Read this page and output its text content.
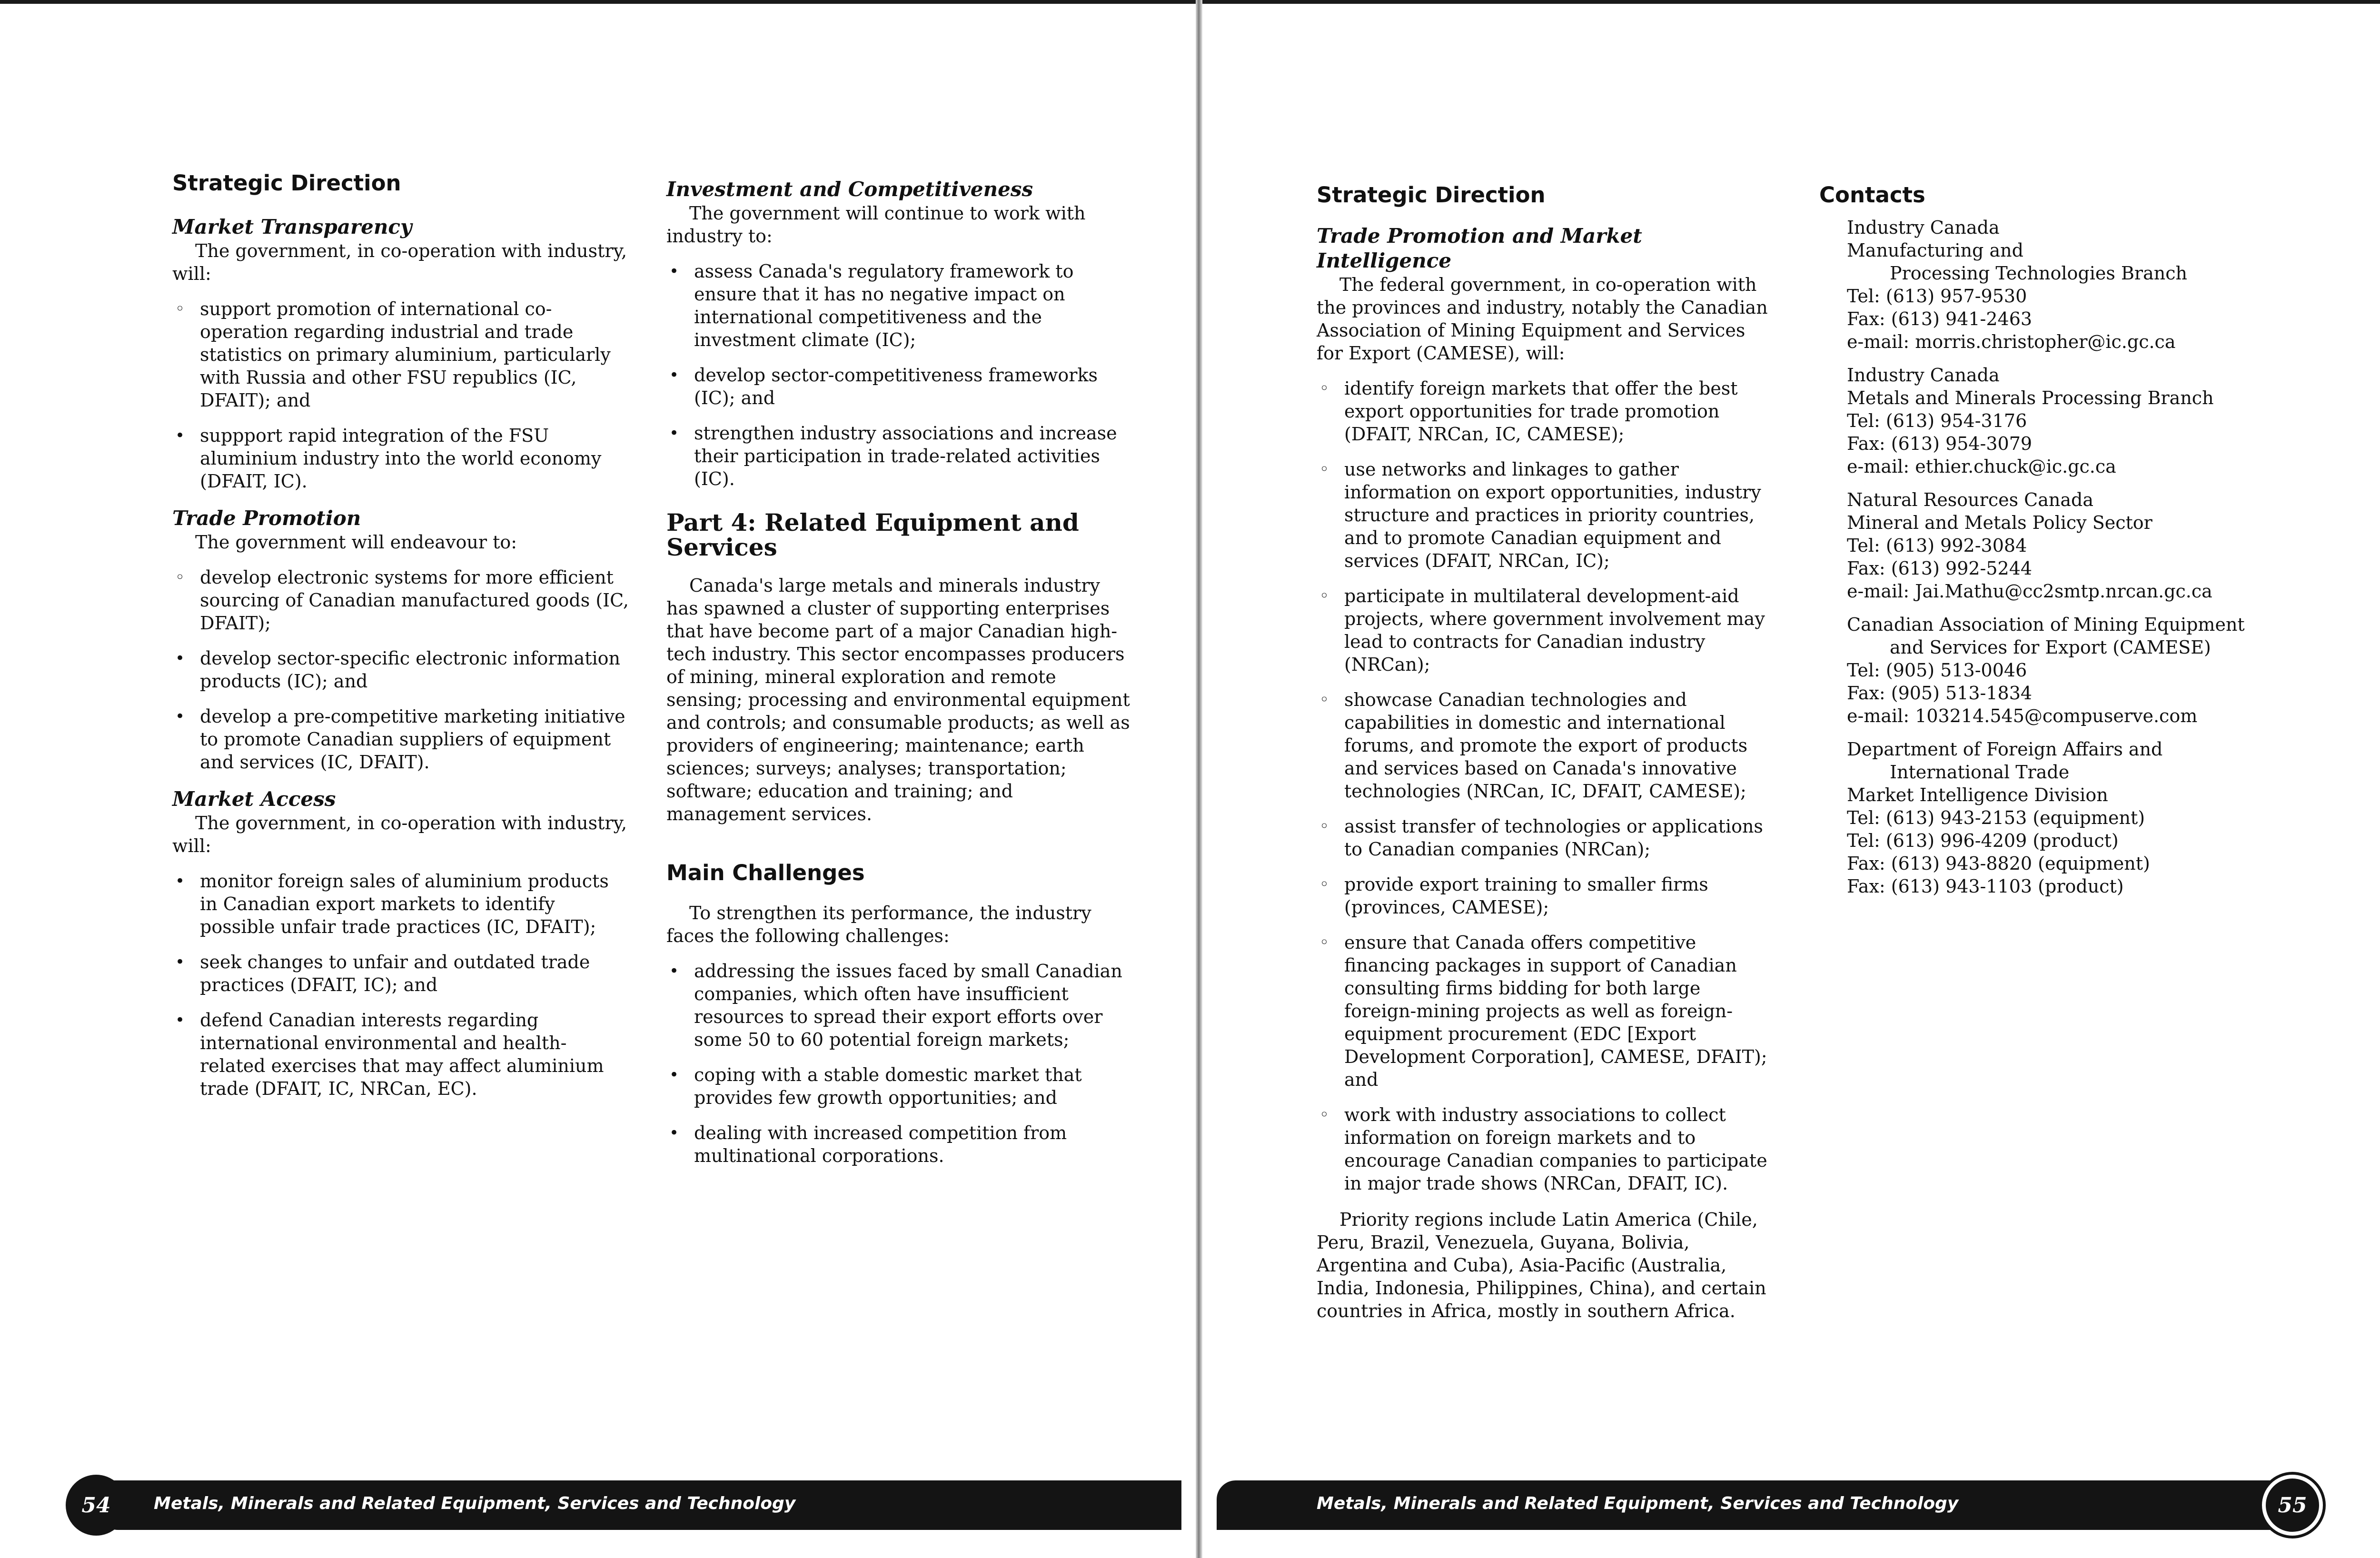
Strategic Direction
Market Transparency

The government, in co-operation with industry, will:

◦ support promotion of international co-operation regarding industrial and trade statistics on primary aluminium, particularly with Russia and other FSU republics (IC, DFAIT); and
• suppport rapid integration of the FSU aluminium industry into the world economy (DFAIT, IC).
Trade Promotion

The government will endeavour to:

◦ develop electronic systems for more efficient sourcing of Canadian manufactured goods (IC, DFAIT);
• develop sector-specific electronic information products (IC); and
• develop a pre-competitive marketing initiative to promote Canadian suppliers of equipment and services (IC, DFAIT).
Market Access

The government, in co-operation with industry, will:

• monitor foreign sales of aluminium products in Canadian export markets to identify possible unfair trade practices (IC, DFAIT);
• seek changes to unfair and outdated trade practices (DFAIT, IC); and
• defend Canadian interests regarding international environmental and health-related exercises that may affect aluminium trade (DFAIT, IC, NRCan, EC).
Investment and Competitiveness

The government will continue to work with industry to:

• assess Canada's regulatory framework to ensure that it has no negative impact on international competitiveness and the investment climate (IC);
• develop sector-competitiveness frameworks (IC); and
• strengthen industry associations and increase their participation in trade-related activities (IC).
Part 4: Related Equipment and Services

Canada's large metals and minerals industry has spawned a cluster of supporting enterprises that have become part of a major Canadian high-tech industry. This sector encompasses producers of mining, mineral exploration and remote sensing; processing and environmental equipment and controls; and consumable products; as well as providers of engineering; maintenance; earth sciences; surveys; analyses; transportation; software; education and training; and management services.

Main Challenges

To strengthen its performance, the industry faces the following challenges:

• addressing the issues faced by small Canadian companies, which often have insufficient resources to spread their export efforts over some 50 to 60 potential foreign markets;
• coping with a stable domestic market that provides few growth opportunities; and
• dealing with increased competition from multinational corporations.
Strategic Direction
Trade Promotion and Market Intelligence

The federal government, in co-operation with the provinces and industry, notably the Canadian Association of Mining Equipment and Services for Export (CAMESE), will:

◦ identify foreign markets that offer the best export opportunities for trade promotion (DFAIT, NRCan, IC, CAMESE);
◦ use networks and linkages to gather information on export opportunities, industry structure and practices in priority countries, and to promote Canadian equipment and services (DFAIT, NRCan, IC);
◦ participate in multilateral development-aid projects, where government involvement may lead to contracts for Canadian industry (NRCan);
◦ showcase Canadian technologies and capabilities in domestic and international forums, and promote the export of products and services based on Canada's innovative technologies (NRCan, IC, DFAIT, CAMESE);
◦ assist transfer of technologies or applications to Canadian companies (NRCan);
◦ provide export training to smaller firms (provinces, CAMESE);
◦ ensure that Canada offers competitive financing packages in support of Canadian consulting firms bidding for both large foreign-mining projects as well as foreign-equipment procurement (EDC [Export Development Corporation], CAMESE, DFAIT); and
◦ work with industry associations to collect information on foreign markets and to encourage Canadian companies to participate in major trade shows (NRCan, DFAIT, IC).

Priority regions include Latin America (Chile, Peru, Brazil, Venezuela, Guyana, Bolivia, Argentina and Cuba), Asia-Pacific (Australia, India, Indonesia, Philippines, China), and certain countries in Africa, mostly in southern Africa.

Contacts
Industry Canada
Manufacturing and
Processing Technologies Branch
Tel: (613) 957-9530
Fax: (613) 941-2463
e-mail: morris.christopher@ic.gc.ca
Industry Canada
Metals and Minerals Processing Branch
Tel: (613) 954-3176
Fax: (613) 954-3079
e-mail: ethier.chuck@ic.gc.ca
Natural Resources Canada
Mineral and Metals Policy Sector
Tel: (613) 992-3084
Fax: (613) 992-5244
e-mail: Jai.Mathu@cc2smtp.nrcan.gc.ca
Canadian Association of Mining Equipment
and Services for Export (CAMESE)
Tel: (905) 513-0046
Fax: (905) 513-1834
e-mail: 103214.545@compuserve.com
Department of Foreign Affairs and
International Trade
Market Intelligence Division
Tel: (613) 943-2153 (equipment)
Tel: (613) 996-4209 (product)
Fax: (613) 943-8820 (equipment)
Fax: (613) 943-1103 (product)
Metals, Minerals and Related Equipment, Services and Technology
54	Metals, Minerals and Related Equipment, Services and Technology	55
